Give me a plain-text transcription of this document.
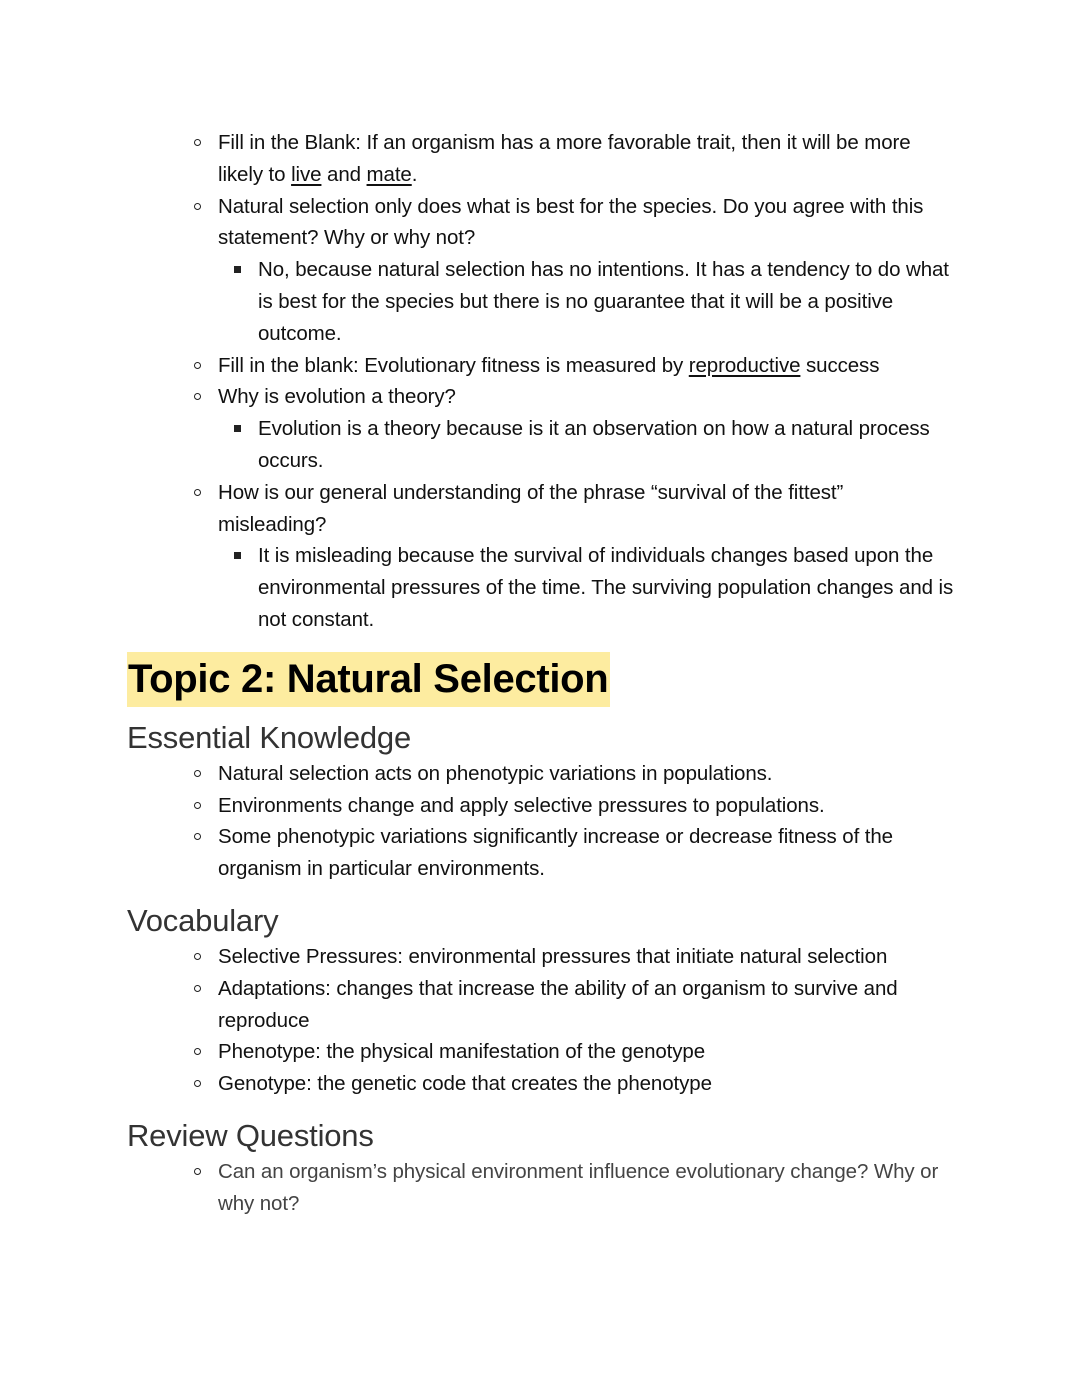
Fill in the Blank: If an organism has a more favorable trait, then it will be more likely to live and mate.
Natural selection only does what is best for the species. Do you agree with this statement? Why or why not?
No, because natural selection has no intentions. It has a tendency to do what is best for the species but there is no guarantee that it will be a positive outcome.
Fill in the blank: Evolutionary fitness is measured by reproductive success
Why is evolution a theory?
Evolution is a theory because is it an observation on how a natural process occurs.
How is our general understanding of the phrase “survival of the fittest” misleading?
It is misleading because the survival of individuals changes based upon the environmental pressures of the time. The surviving population changes and is not constant.
Topic 2: Natural Selection
Essential Knowledge
Natural selection acts on phenotypic variations in populations.
Environments change and apply selective pressures to populations.
Some phenotypic variations significantly increase or decrease fitness of the organism in particular environments.
Vocabulary
Selective Pressures: environmental pressures that initiate natural selection
Adaptations: changes that increase the ability of an organism to survive and reproduce
Phenotype: the physical manifestation of the genotype
Genotype: the genetic code that creates the phenotype
Review Questions
Can an organism’s physical environment influence evolutionary change? Why or why not?
